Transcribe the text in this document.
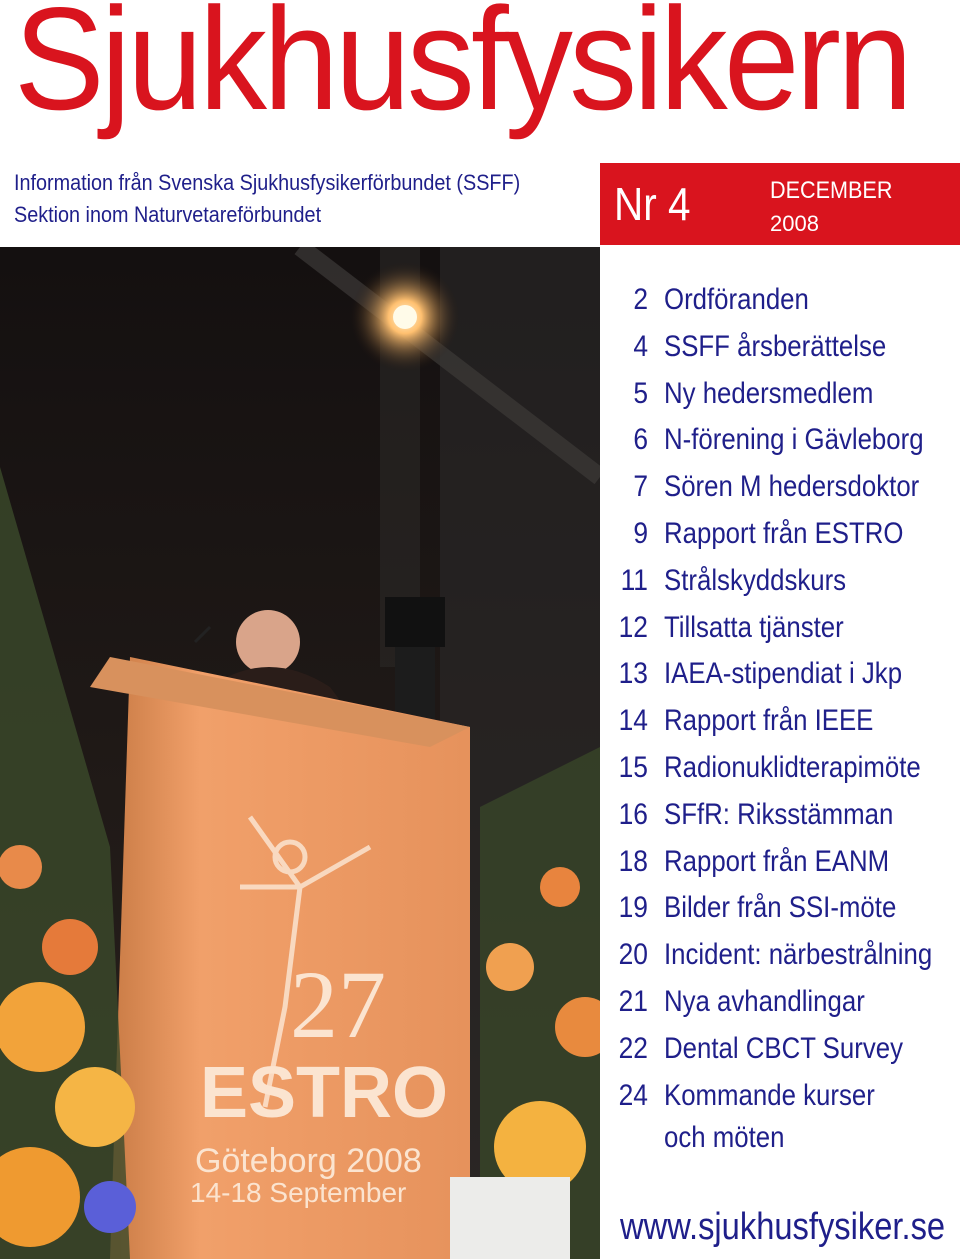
Sjukhusfysikern
Information från Svenska Sjukhusfysikerförbundet (SSFF)
Sektion inom Naturvetareförbundet	Nr 4	DECEMBER
2008
27
ESTRO
Göteborg 2008
14-18 September
2 Ordföranden
4 SSFF årsberättelse
5 Ny hedersmedlem
6 N-förening i Gävleborg
7 Sören M hedersdoktor
9 Rapport från ESTRO
11 Strålskyddskurs
12 Tillsatta tjänster
13 IAEA-stipendiat i Jkp
14 Rapport från IEEE
15 Radionuklidterapimöte
16 SFfR: Riksstämman
18 Rapport från EANM
19 Bilder från SSI-möte
20 Incident: närbestrålning
21 Nya avhandlingar
22 Dental CBCT Survey
24 Kommande kurser och möten
www.sjukhusfysiker.se
